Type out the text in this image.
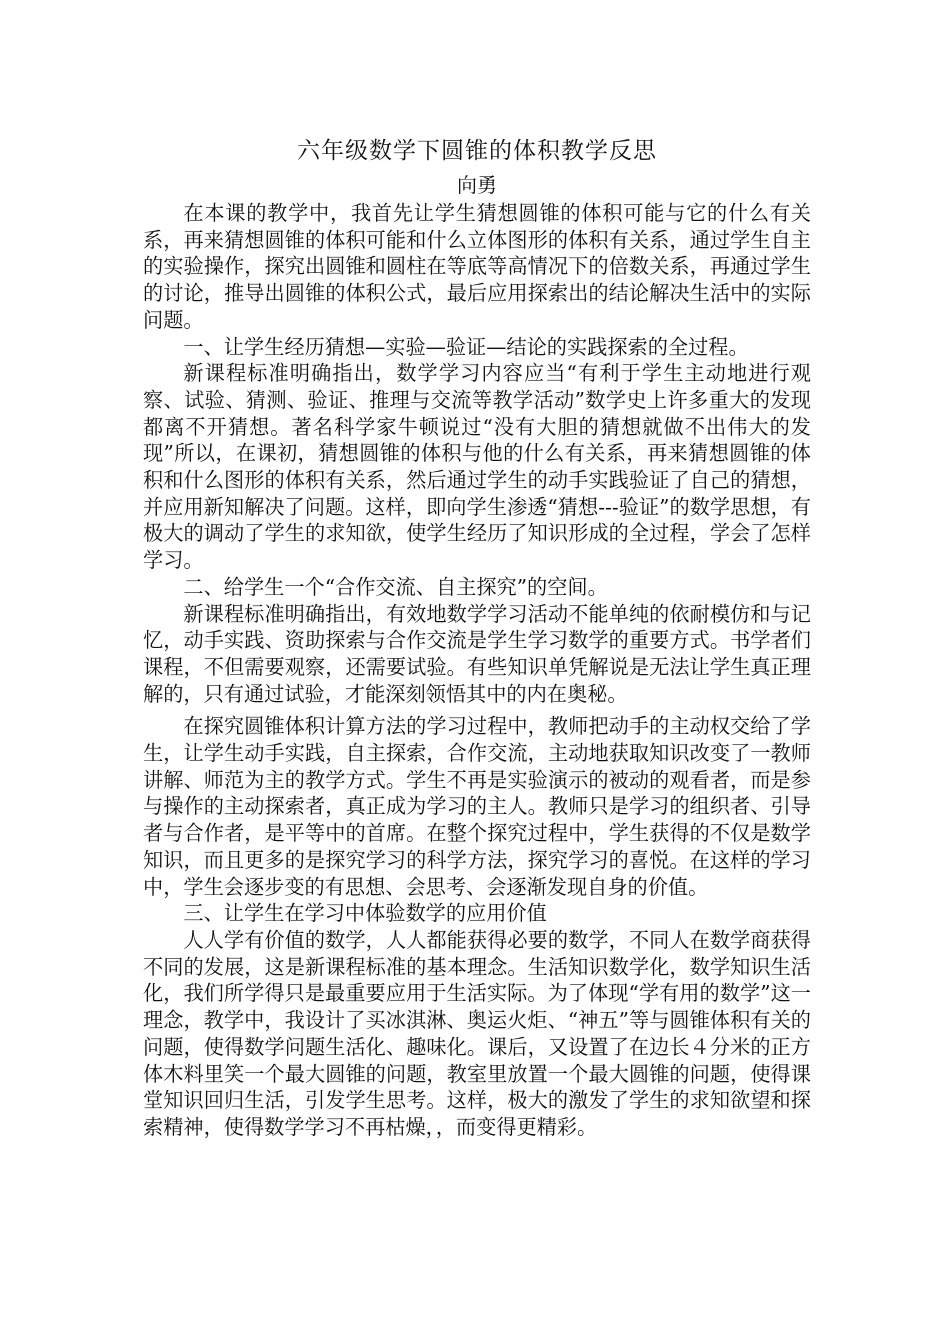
六年级数学下圆锥的体积教学反思
向勇

在本课的教学中，我首先让学生猜想圆锥的体积可能与它的什么有关系，再来猜想圆锥的体积可能和什么立体图形的体积有关系，通过学生自主的实验操作，探究出圆锥和圆柱在等底等高情况下的倍数关系，再通过学生的讨论，推导出圆锥的体积公式，最后应用探索出的结论解决生活中的实际问题。

一、让学生经历猜想—实验—验证—结论的实践探索的全过程。

新课程标准明确指出，数学学习内容应当“有利于学生主动地进行观察、试验、猜测、验证、推理与交流等教学活动”数学史上许多重大的发现都离不开猜想。著名科学家牛顿说过“没有大胆的猜想就做不出伟大的发现”所以，在课初，猜想圆锥的体积与他的什么有关系，再来猜想圆锥的体积和什么图形的体积有关系，然后通过学生的动手实践验证了自己的猜想，并应用新知解决了问题。这样，即向学生渗透“猜想---验证”的数学思想，有极大的调动了学生的求知欲，使学生经历了知识形成的全过程，学会了怎样学习。

二、给学生一个“合作交流、自主探究”的空间。

新课程标准明确指出，有效地数学学习活动不能单纯的依耐模仿和与记忆，动手实践、资助探索与合作交流是学生学习数学的重要方式。书学者们课程，不但需要观察，还需要试验。有些知识单凭解说是无法让学生真正理解的，只有通过试验，才能深刻领悟其中的内在奥秘。

在探究圆锥体积计算方法的学习过程中，教师把动手的主动权交给了学生，让学生动手实践，自主探索，合作交流，主动地获取知识改变了一教师讲解、师范为主的教学方式。学生不再是实验演示的被动的观看者，而是参与操作的主动探索者，真正成为学习的主人。教师只是学习的组织者、引导者与合作者，是平等中的首席。在整个探究过程中，学生获得的不仅是数学知识，而且更多的是探究学习的科学方法，探究学习的喜悦。在这样的学习中，学生会逐步变的有思想、会思考、会逐渐发现自身的价值。

三、让学生在学习中体验数学的应用价值

人人学有价值的数学，人人都能获得必要的数学，不同人在数学商获得不同的发展，这是新课程标准的基本理念。生活知识数学化，数学知识生活化，我们所学得只是最重要应用于生活实际。为了体现“学有用的数学”这一理念，教学中，我设计了买冰淇淋、奥运火炬、“神五”等与圆锥体积有关的问题，使得数学问题生活化、趣味化。课后，又设置了在边长４分米的正方体木料里笑一个最大圆锥的问题，教室里放置一个最大圆锥的问题，使得课堂知识回归生活，引发学生思考。这样，极大的激发了学生的求知欲望和探索精神，使得数学学习不再枯燥，，而变得更精彩。
